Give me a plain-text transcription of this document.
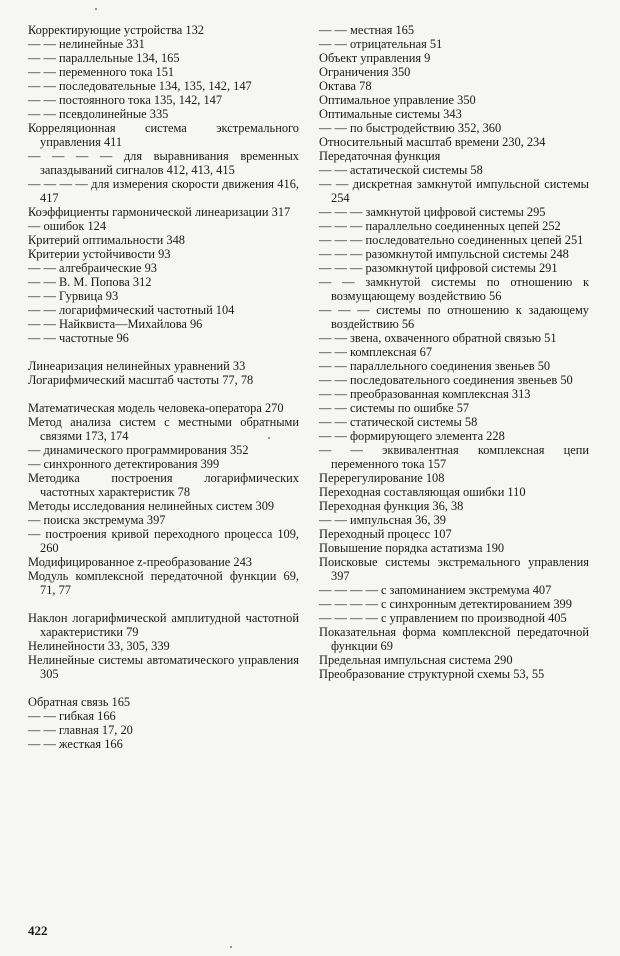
Корректирующие устройства 132
— — нелинейные 331
— — параллельные 134, 165
— — переменного тока 151
— — последовательные 134, 135, 142, 147
— — постоянного тока 135, 142, 147
— — псевдолинейные 335
Корреляционная система экстремального управления 411
— — — — для выравнивания временных запаздываний сигналов 412, 413, 415
— — — — для измерения скорости движения 416, 417
Коэффициенты гармонической линеаризации 317
— ошибок 124
Критерий оптимальности 348
Критерии устойчивости 93
— — алгебраические 93
— — В. М. Попова 312
— — Гурвица 93
— — логарифмический частотный 104
— — Найквиста—Михайлова 96
— — частотные 96
Линеаризация нелинейных уравнений 33
Логарифмический масштаб частоты 77, 78
Математическая модель человека-оператора 270
Метод анализа систем с местными обратными связями 173, 174
— динамического программирования 352
— синхронного детектирования 399
Методика построения логарифмических частотных характеристик 78
Методы исследования нелинейных систем 309
— поиска экстремума 397
— построения кривой переходного процесса 109, 260
Модифицированное z-преобразование 243
Модуль комплексной передаточной функции 69, 71, 77
Наклон логарифмической амплитудной частотной характеристики 79
Нелинейности 33, 305, 339
Нелинейные системы автоматического управления 305
Обратная связь 165
— — гибкая 166
— — главная 17, 20
— — жесткая 166
— — местная 165
— — отрицательная 51
Объект управления 9
Ограничения 350
Октава 78
Оптимальное управление 350
Оптимальные системы 343
— — по быстродействию 352, 360
Относительный масштаб времени 230, 234
Передаточная функция
— — астатической системы 58
— — дискретная замкнутой импульсной системы 254
— — — замкнутой цифровой системы 295
— — — параллельно соединенных цепей 252
— — — последовательно соединенных цепей 251
— — — разомкнутой импульсной системы 248
— — — разомкнутой цифровой системы 291
— — замкнутой системы по отношению к возмущающему воздействию 56
— — — системы по отношению к задающему воздействию 56
— — звена, охваченного обратной связью 51
— — комплексная 67
— — параллельного соединения звеньев 50
— — последовательного соединения звеньев 50
— — преобразованная комплексная 313
— — системы по ошибке 57
— — статической системы 58
— — формирующего элемента 228
— — эквивалентная комплексная цепи переменного тока 157
Перерегулирование 108
Переходная составляющая ошибки 110
Переходная функция 36, 38
— — импульсная 36, 39
Переходный процесс 107
Повышение порядка астатизма 190
Поисковые системы экстремального управления 397
— — — — с запоминанием экстремума 407
— — — — с синхронным детектированием 399
— — — — с управлением по производной 405
Показательная форма комплексной передаточной функции 69
Предельная импульсная система 290
Преобразование структурной схемы 53, 55
422
